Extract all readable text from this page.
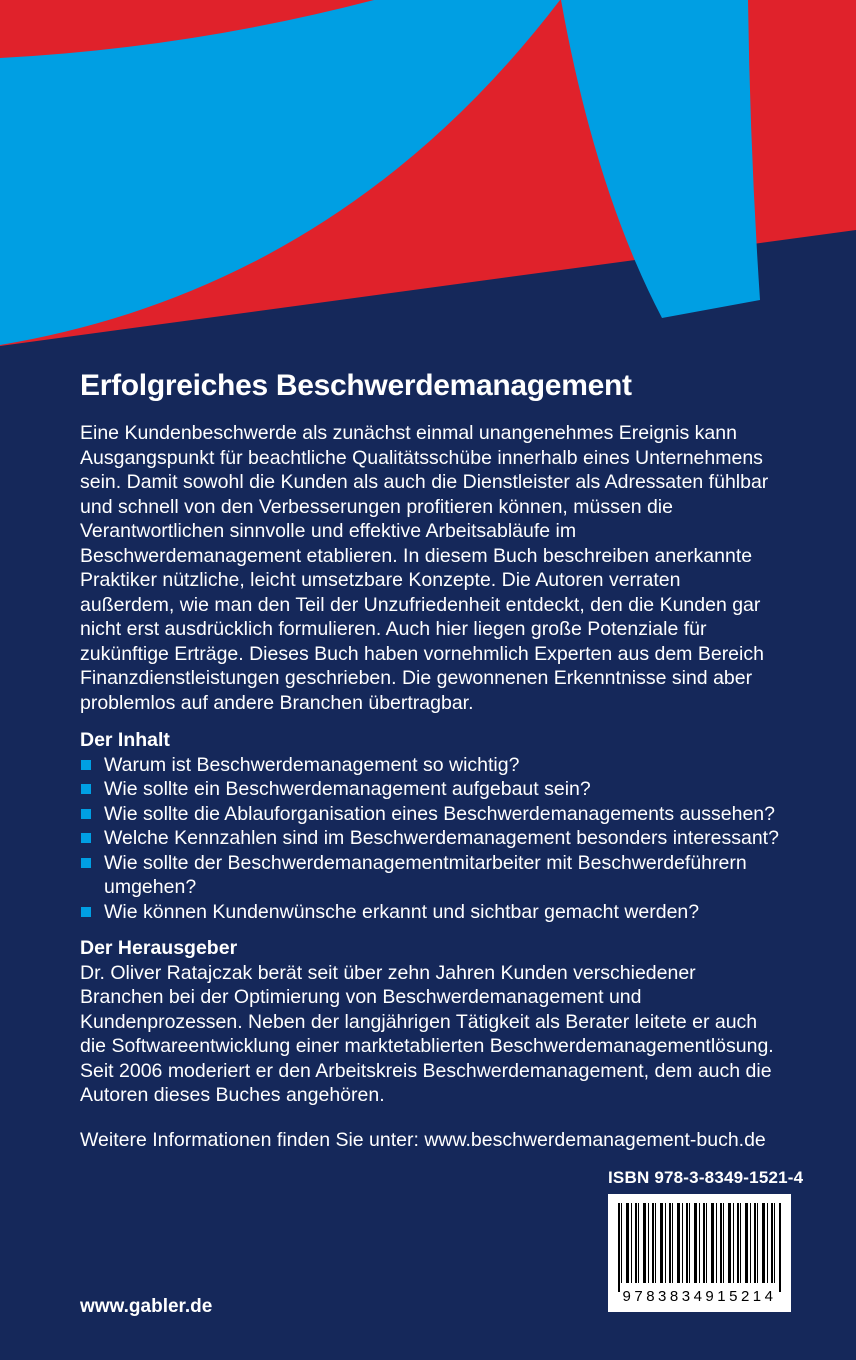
Erfolgreiches Beschwerdemanagement

Eine Kundenbeschwerde als zunächst einmal unangenehmes Ereignis kann Ausgangspunkt für beachtliche Qualitätsschübe innerhalb eines Unternehmens sein. Damit sowohl die Kunden als auch die Dienstleister als Adressaten fühlbar und schnell von den Verbesserungen profitieren können, müssen die Verantwortlichen sinnvolle und effektive Arbeitsabläufe im Beschwerdemanagement etablieren. In diesem Buch beschreiben anerkannte Praktiker nützliche, leicht umsetzbare Konzepte. Die Autoren verraten außerdem, wie man den Teil der Unzufriedenheit entdeckt, den die Kunden gar nicht erst ausdrücklich formulieren. Auch hier liegen große Potenziale für zukünftige Erträge. Dieses Buch haben vornehmlich Experten aus dem Bereich Finanzdienstleistungen geschrieben. Die gewonnenen Erkenntnisse sind aber problemlos auf andere Branchen übertragbar.

Der Inhalt
Warum ist Beschwerdemanagement so wichtig?
Wie sollte ein Beschwerdemanagement aufgebaut sein?
Wie sollte die Ablauforganisation eines Beschwerdemanagements aussehen?
Welche Kennzahlen sind im Beschwerdemanagement besonders interessant?
Wie sollte der Beschwerdemanagementmitarbeiter mit Beschwerdeführern umgehen?
Wie können Kundenwünsche erkannt und sichtbar gemacht werden?
Der Herausgeber

Dr. Oliver Ratajczak berät seit über zehn Jahren Kunden verschiedener Branchen bei der Optimierung von Beschwerdemanagement und Kundenprozessen. Neben der langjährigen Tätigkeit als Berater leitete er auch die Softwareentwicklung einer marktetablierten Beschwerdemanagementlösung. Seit 2006 moderiert er den Arbeitskreis Beschwerdemanagement, dem auch die Autoren dieses Buches angehören.

Weitere Informationen finden Sie unter: www.beschwerdemanagement-buch.de

ISBN 978-3-8349-1521-4
9783834915214
www.gabler.de
